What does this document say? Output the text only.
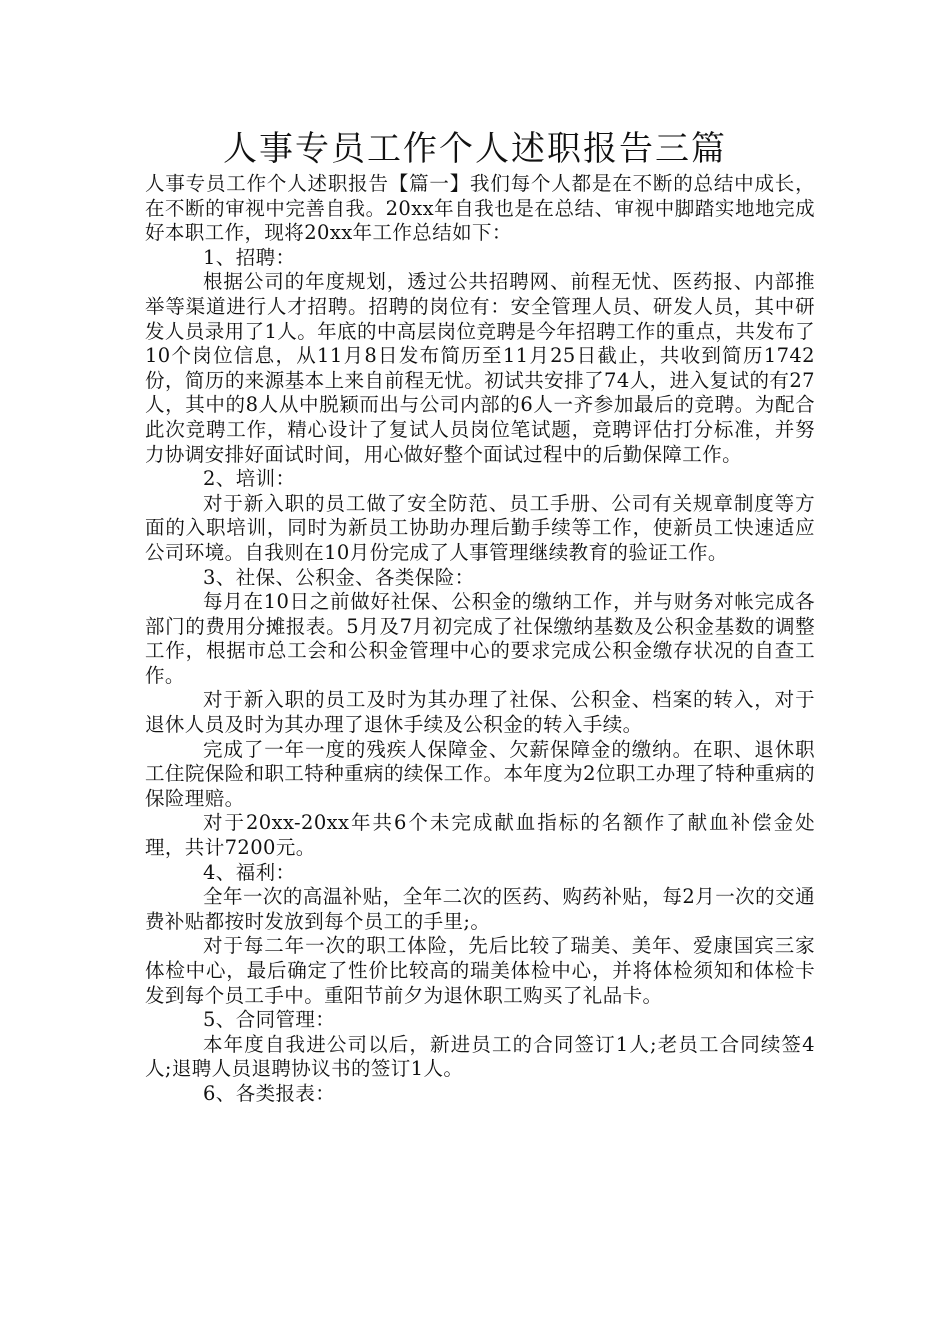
人事专员工作个人述职报告三篇

人事专员工作个人述职报告【篇一】我们每个人都是在不断的总结中成长，在不断的审视中完善自我。20xx年自我也是在总结、审视中脚踏实地地完成好本职工作，现将20xx年工作总结如下：

1、招聘：

根据公司的年度规划，透过公共招聘网、前程无忧、医药报、内部推举等渠道进行人才招聘。招聘的岗位有：安全管理人员、研发人员，其中研发人员录用了1人。年底的中高层岗位竞聘是今年招聘工作的重点，共发布了10个岗位信息，从11月8日发布简历至11月25日截止，共收到简历1742份，简历的来源基本上来自前程无忧。初试共安排了74人，进入复试的有27人，其中的8人从中脱颖而出与公司内部的6人一齐参加最后的竞聘。为配合此次竞聘工作，精心设计了复试人员岗位笔试题，竞聘评估打分标准，并努力协调安排好面试时间，用心做好整个面试过程中的后勤保障工作。

2、培训：

对于新入职的员工做了安全防范、员工手册、公司有关规章制度等方面的入职培训，同时为新员工协助办理后勤手续等工作，使新员工快速适应公司环境。自我则在10月份完成了人事管理继续教育的验证工作。

3、社保、公积金、各类保险：

每月在10日之前做好社保、公积金的缴纳工作，并与财务对帐完成各部门的费用分摊报表。5月及7月初完成了社保缴纳基数及公积金基数的调整工作，根据市总工会和公积金管理中心的要求完成公积金缴存状况的自查工作。

对于新入职的员工及时为其办理了社保、公积金、档案的转入，对于退休人员及时为其办理了退休手续及公积金的转入手续。

完成了一年一度的残疾人保障金、欠薪保障金的缴纳。在职、退休职工住院保险和职工特种重病的续保工作。本年度为2位职工办理了特种重病的保险理赔。

对于20xx-20xx年共6个未完成献血指标的名额作了献血补偿金处理，共计7200元。

4、福利：

全年一次的高温补贴，全年二次的医药、购药补贴，每2月一次的交通费补贴都按时发放到每个员工的手里;。

对于每二年一次的职工体险，先后比较了瑞美、美年、爱康国宾三家体检中心，最后确定了性价比较高的瑞美体检中心，并将体检须知和体检卡发到每个员工手中。重阳节前夕为退休职工购买了礼品卡。

5、合同管理：

本年度自我进公司以后，新进员工的合同签订1人;老员工合同续签4人;退聘人员退聘协议书的签订1人。

6、各类报表：
